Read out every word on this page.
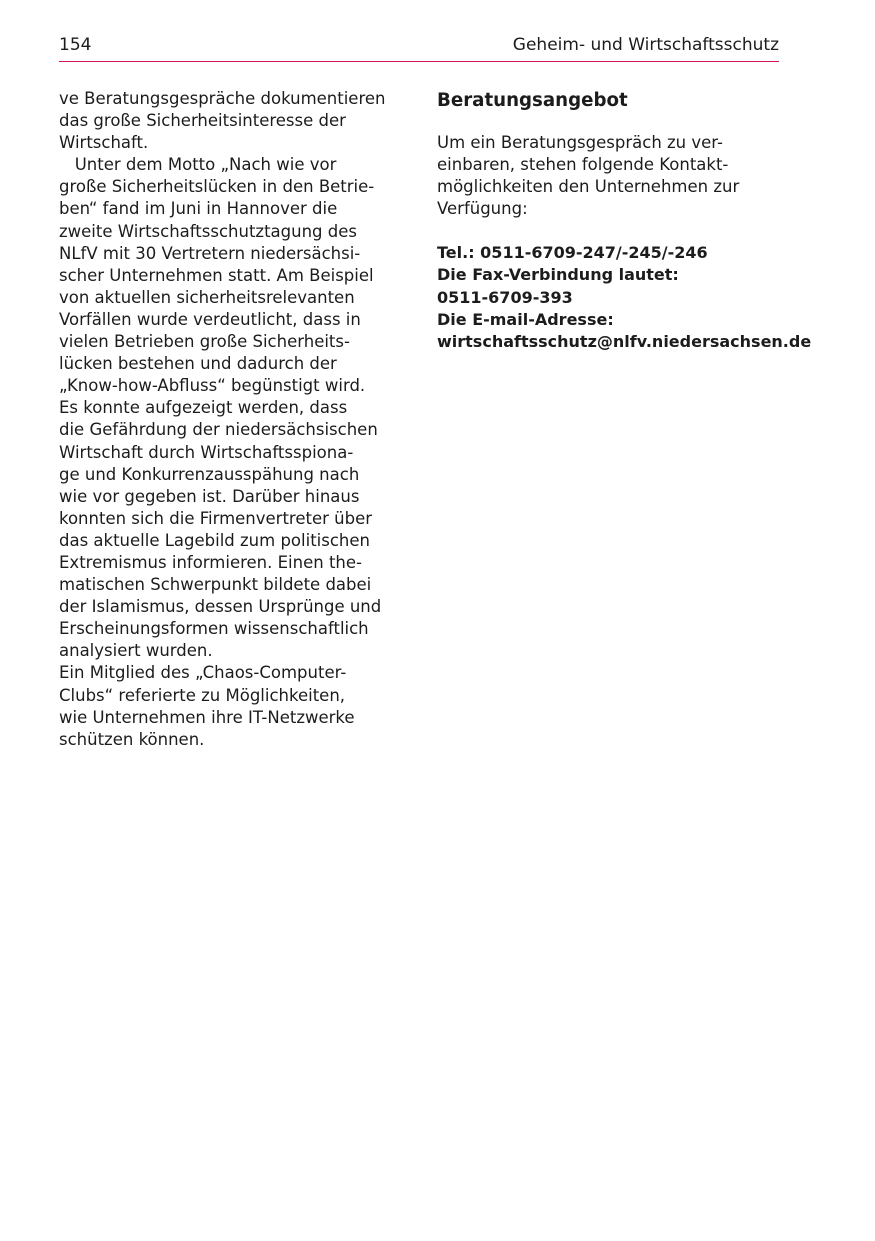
154	Geheim- und Wirtschaftsschutz
ve Beratungsgespräche dokumentieren
das große Sicherheitsinteresse der
Wirtschaft.
Unter dem Motto „Nach wie vor
große Sicherheitslücken in den Betrie-
ben“ fand im Juni in Hannover die
zweite Wirtschaftsschutztagung des
NLfV mit 30 Vertretern niedersächsi-
scher Unternehmen statt. Am Beispiel
von aktuellen sicherheitsrelevanten
Vorfällen wurde verdeutlicht, dass in
vielen Betrieben große Sicherheits-
lücken bestehen und dadurch der
„Know-how-Abfluss“ begünstigt wird.
Es konnte aufgezeigt werden, dass
die Gefährdung der niedersächsischen
Wirtschaft durch Wirtschaftsspiona-
ge und Konkurrenzausspähung nach
wie vor gegeben ist. Darüber hinaus
konnten sich die Firmenvertreter über
das aktuelle Lagebild zum politischen
Extremismus informieren. Einen the-
matischen Schwerpunkt bildete dabei
der Islamismus, dessen Ursprünge und
Erscheinungsformen wissenschaftlich
analysiert wurden.
Ein Mitglied des „Chaos-Computer-
Clubs“ referierte zu Möglichkeiten,
wie Unternehmen ihre IT-Netzwerke
schützen können.
Beratungsangebot
Um ein Beratungsgespräch zu ver-
einbaren, stehen folgende Kontakt-
möglichkeiten den Unternehmen zur
Verfügung:
Tel.: 0511-6709-247/-245/-246
Die Fax-Verbindung lautet:
0511-6709-393
Die E-mail-Adresse:
wirtschaftsschutz@nlfv.niedersachsen.de
